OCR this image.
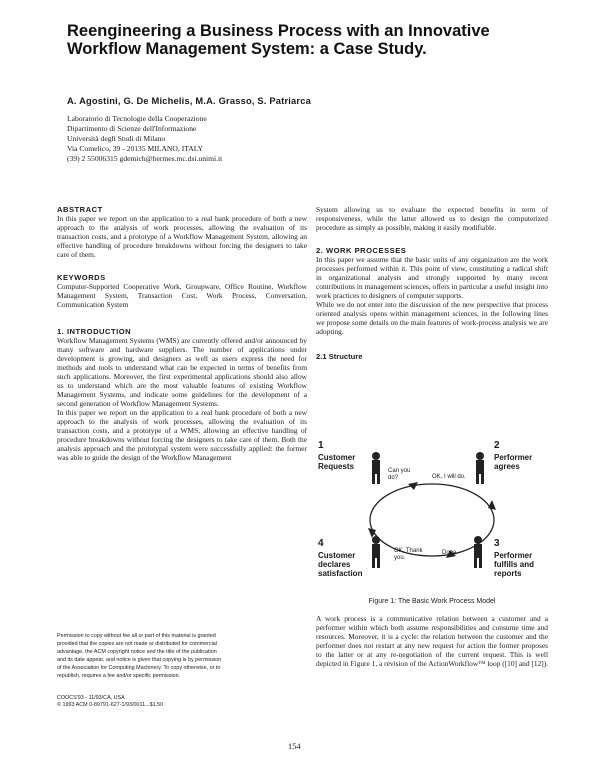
Reengineering a Business Process with an Innovative
Workflow Management System: a Case Study.
A. Agostini, G. De Michelis, M.A. Grasso, S. Patriarca
Laboratorio di Tecnologie della Cooperazione
Dipartimento di Scienze dell'Informazione
Università degli Studi di Milano
Via Comelico, 39 - 20135 MILANO, ITALY
(39) 2 55006315 gdemich@hermes.mc.dsi.unimi.it

ABSTRACT

In this paper we report on the application to a real bank procedure of both a new approach to the analysis of work processes, allowing the evaluation of its transaction costs, and a prototype of a Workflow Management System, allowing an effective handling of procedure breakdowns without forcing the designers to take care of them.

KEYWORDS

Computer-Supported Cooperative Work, Groupware, Office Routine, Workflow Management System, Transaction Cost, Work Process, Conversation, Communication System

1. INTRODUCTION

Workflow Management Systems (WMS) are currently offered and/or announced by many software and hardware suppliers. The number of applications under development is growing, and designers as well as users express the need for methods and tools to understand what can be expected in terms of benefits from such applications. Moreover, the first experimental applications should also allow us to understand which are the most valuable features of existing Workflow Management Systems, and indicate some guidelines for the development of a second generation of Workflow Management Systems.

In this paper we report on the application to a real bank procedure of both a new approach to the analysis of work processes, allowing the evaluation of its transaction costs, and a prototype of a WMS, allowing an effective handling of procedure breakdowns without forcing the designers to take care of them. Both the analysis approach and the prototypal system were successfully applied: the former was able to guide the design of the Workflow Management

Permission to copy without fee all or part of this material is granted
provided that the copies are not made or distributed for commercial
advantage, the ACM copyright notice and the title of the publication
and its date appear, and notice is given that copying is by permission
of the Association for Computing Machinery. To copy otherwise, or to
republish, requires a fee and/or specific permission.
COOCS'93 - 11/93/CA, USA
© 1993 ACM 0-89791-627-1/93/0011...$1.50

System allowing us to evaluate the expected benefits in term of responsiveness, while the latter allowed us to design the computerized procedure as simply as possible, making it easily modifiable.

2. WORK PROCESSES

In this paper we assume that the basic units of any organization are the work processes performed within it. This point of view, constituting a radical shift in organizational analysis and strongly supported by many recent contributions in management sciences, offers in particular a useful insight into work practices to designers of computer supports.

While we do not enter into the discussion of the new perspective that process oriented analysis opens within management sciences, in the following lines we propose some details on the main features of work-process analysis we are adopting.

2.1 Structure

1
Customer
Requests
2
Performer
agrees
3
Performer
fulfills and
reports
4
Customer
declares
satisfaction
Can you do?	OK, I will do.
OK, Thank you.
Done.
Figure 1: The Basic Work Process Model

A work process is a communicative relation between a customer and a performer within which both assume responsibilities and consume time and resources. Moreover, it is a cycle: the relation between the customer and the performer does not restart at any new request for action the former proposes to the latter or at any re-negotiation of the current request. This is well depicted in Figure 1, a revision of the ActionWorkflow™ loop ([10] and [12]).

154
